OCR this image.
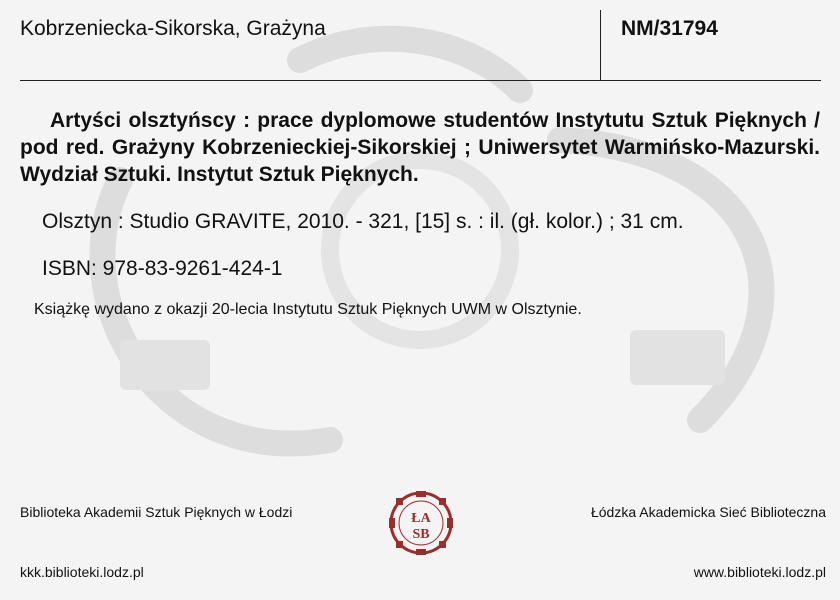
Kobrzeniecka-Sikorska, Grażyna	NM/31794
Artyści olsztyńscy : prace dyplomowe studentów Instytutu Sztuk Pięknych / pod red. Grażyny Kobrzenieckiej-Sikorskiej ; Uniwersytet Warmińsko-Mazurski. Wydział Sztuki. Instytut Sztuk Pięknych.
Olsztyn : Studio GRAVITE, 2010. - 321, [15] s. : il. (gł. kolor.) ; 31 cm.
ISBN: 978-83-9261-424-1
Książkę wydano z okazji 20-lecia Instytutu Sztuk Pięknych UWM w Olsztynie.
Biblioteka Akademii Sztuk Pięknych w Łodzi	Łódzka Akademicka Sieć Biblioteczna
ŁA
SB
kkk.biblioteki.lodz.pl	www.biblioteki.lodz.pl
